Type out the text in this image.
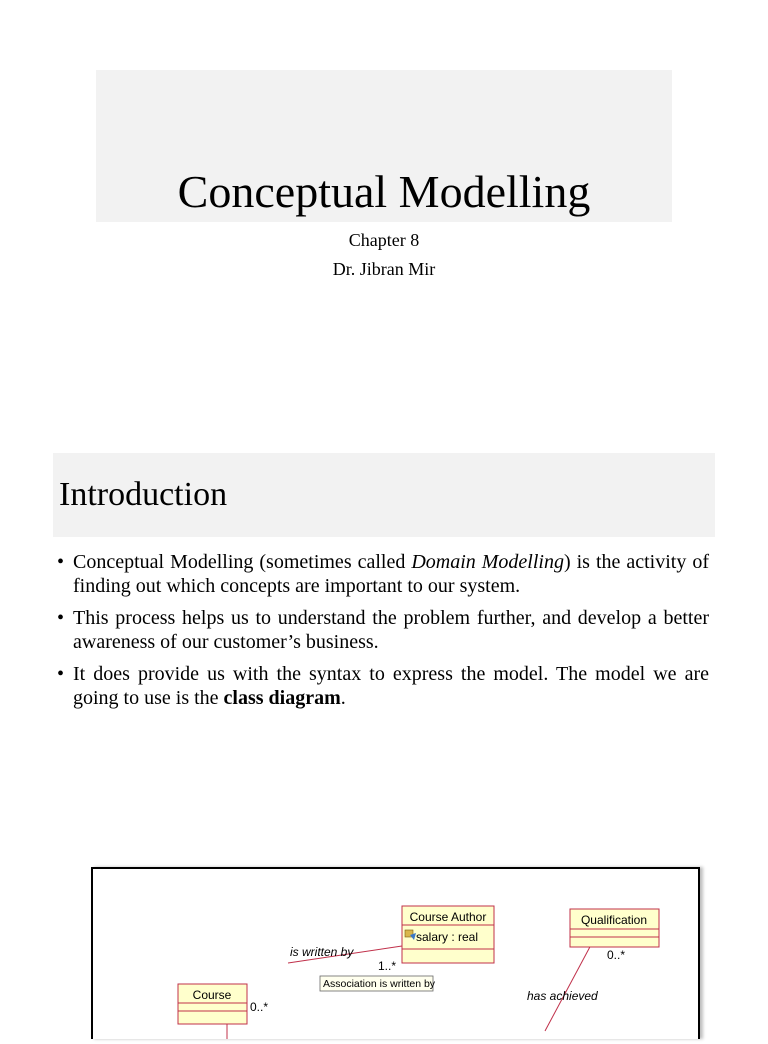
Conceptual Modelling
Chapter 8
Dr. Jibran Mir
Introduction
• Conceptual Modelling (sometimes called Domain Modelling) is the activity of finding out which concepts are important to our system.
• This process helps us to understand the problem further, and develop a better awareness of our customer’s business.
• It does provide us with the syntax to express the model. The model we are going to use is the class diagram.
Course Author
salary : real
Qualification
Course
is written by
has achieved
1..*
0..*
0..*
Association is written by
